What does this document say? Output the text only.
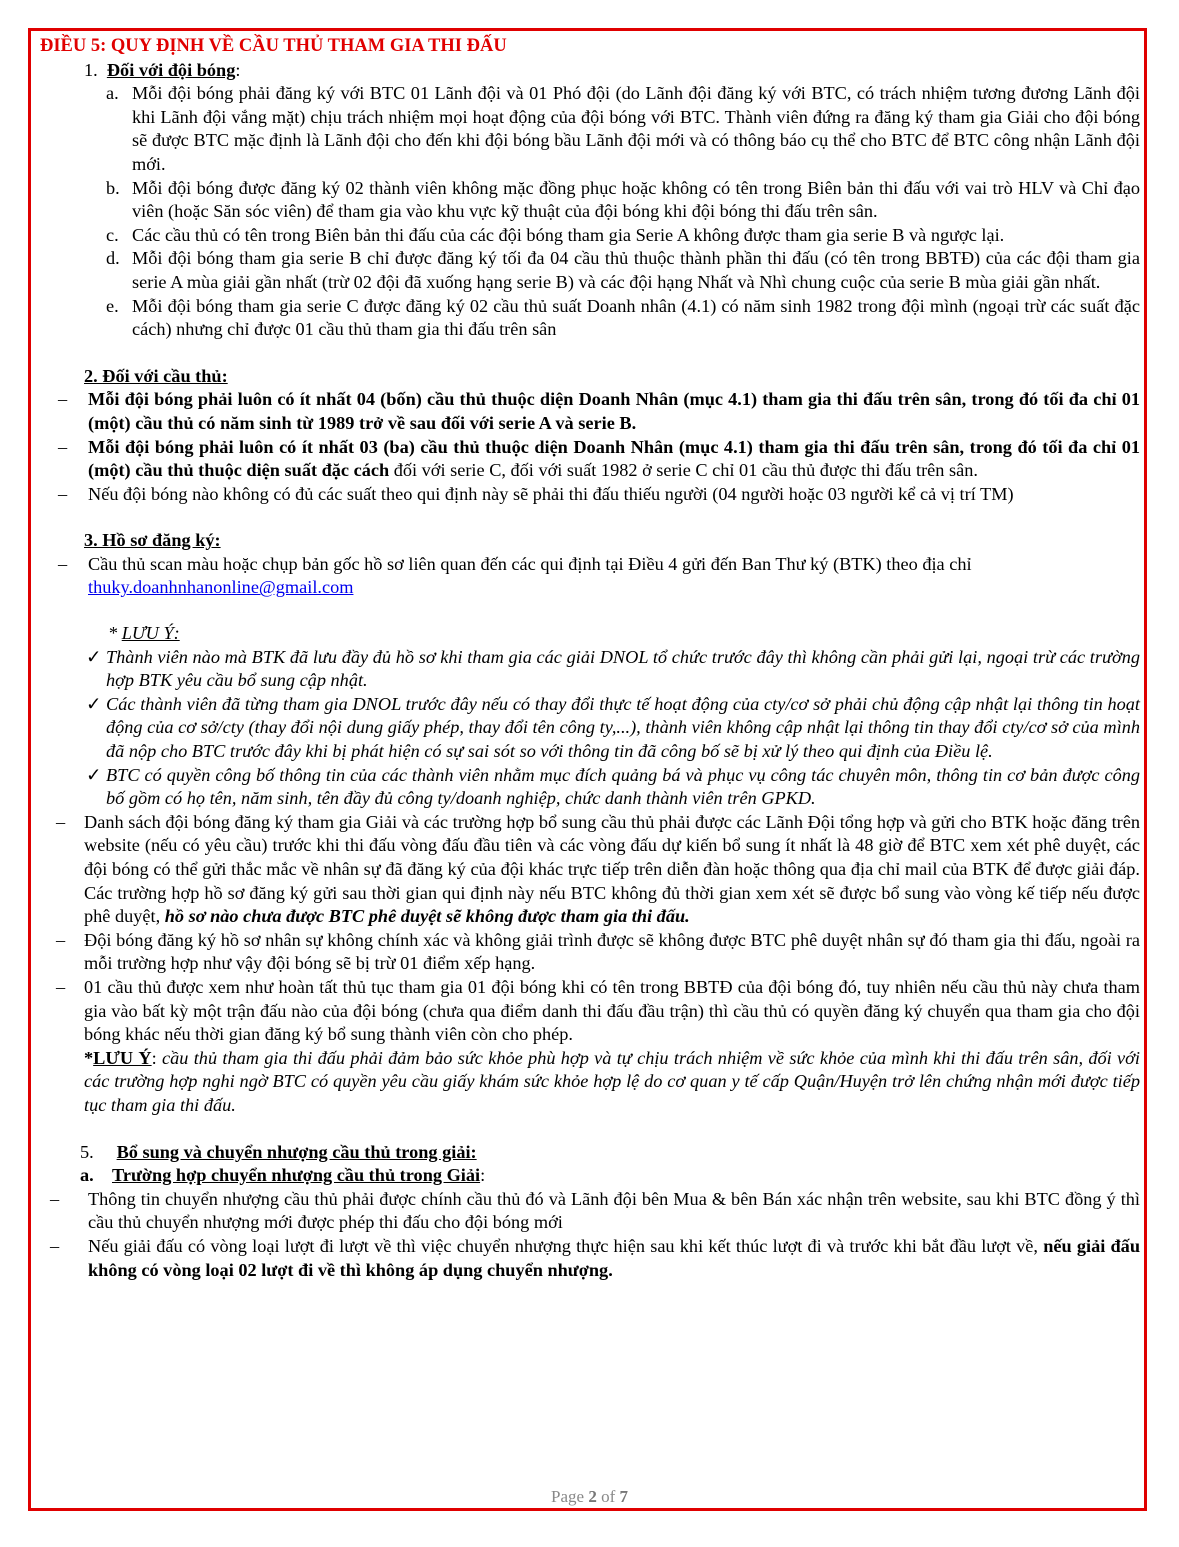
ĐIỀU 5: QUY ĐỊNH VỀ CẦU THỦ THAM GIA THI ĐẤU
1. Đối với đội bóng:
a. Mỗi đội bóng phải đăng ký với BTC 01 Lãnh đội và 01 Phó đội (do Lãnh đội đăng ký với BTC, có trách nhiệm tương đương Lãnh đội khi Lãnh đội vắng mặt) chịu trách nhiệm mọi hoạt động của đội bóng với BTC. Thành viên đứng ra đăng ký tham gia Giải cho đội bóng sẽ được BTC mặc định là Lãnh đội cho đến khi đội bóng bầu Lãnh đội mới và có thông báo cụ thể cho BTC để BTC công nhận Lãnh đội mới.
b. Mỗi đội bóng được đăng ký 02 thành viên không mặc đồng phục hoặc không có tên trong Biên bản thi đấu với vai trò HLV và Chỉ đạo viên (hoặc Săn sóc viên) để tham gia vào khu vực kỹ thuật của đội bóng khi đội bóng thi đấu trên sân.
c. Các cầu thủ có tên trong Biên bản thi đấu của các đội bóng tham gia Serie A không được tham gia serie B và ngược lại.
d. Mỗi đội bóng tham gia serie B chỉ được đăng ký tối đa 04 cầu thủ thuộc thành phần thi đấu (có tên trong BBTĐ) của các đội tham gia serie A mùa giải gần nhất (trừ 02 đội đã xuống hạng serie B) và các đội hạng Nhất và Nhì chung cuộc của serie B mùa giải gần nhất.
e. Mỗi đội bóng tham gia serie C được đăng ký 02 cầu thủ suất Doanh nhân (4.1) có năm sinh 1982 trong đội mình (ngoại trừ các suất đặc cách) nhưng chỉ được 01 cầu thủ tham gia thi đấu trên sân
2. Đối với cầu thủ:
– Mỗi đội bóng phải luôn có ít nhất 04 (bốn) cầu thủ thuộc diện Doanh Nhân (mục 4.1) tham gia thi đấu trên sân, trong đó tối đa chỉ 01 (một) cầu thủ có năm sinh từ 1989 trở về sau đối với serie A và serie B.
– Mỗi đội bóng phải luôn có ít nhất 03 (ba) cầu thủ thuộc diện Doanh Nhân (mục 4.1) tham gia thi đấu trên sân, trong đó tối đa chỉ 01 (một) cầu thủ thuộc diện suất đặc cách đối với serie C, đối với suất 1982 ở serie C chỉ 01 cầu thủ được thi đấu trên sân.
– Nếu đội bóng nào không có đủ các suất theo qui định này sẽ phải thi đấu thiếu người (04 người hoặc 03 người kể cả vị trí TM)
3. Hồ sơ đăng ký:
– Cầu thủ scan màu hoặc chụp bản gốc hồ sơ liên quan đến các qui định tại Điều 4 gửi đến Ban Thư ký (BTK) theo địa chỉ
thuky.doanhnhanonline@gmail.com
* LƯU Ý:
✓ Thành viên nào mà BTK đã lưu đầy đủ hồ sơ khi tham gia các giải DNOL tổ chức trước đây thì không cần phải gửi lại, ngoại trừ các trường hợp BTK yêu cầu bổ sung cập nhật.
✓ Các thành viên đã từng tham gia DNOL trước đây nếu có thay đổi thực tế hoạt động của cty/cơ sở phải chủ động cập nhật lại thông tin hoạt động của cơ sở/cty (thay đổi nội dung giấy phép, thay đổi tên công ty,...), thành viên không cập nhật lại thông tin thay đổi cty/cơ sở của mình đã nộp cho BTC trước đây khi bị phát hiện có sự sai sót so với thông tin đã công bố sẽ bị xử lý theo qui định của Điều lệ.
✓ BTC có quyền công bố thông tin của các thành viên nhằm mục đích quảng bá và phục vụ công tác chuyên môn, thông tin cơ bản được công bố gồm có họ tên, năm sinh, tên đầy đủ công ty/doanh nghiệp, chức danh thành viên trên GPKD.
– Danh sách đội bóng đăng ký tham gia Giải và các trường hợp bổ sung cầu thủ phải được các Lãnh Đội tổng hợp và gửi cho BTK hoặc đăng trên website (nếu có yêu cầu) trước khi thi đấu vòng đấu đầu tiên và các vòng đấu dự kiến bổ sung ít nhất là 48 giờ để BTC xem xét phê duyệt, các đội bóng có thể gửi thắc mắc về nhân sự đã đăng ký của đội khác trực tiếp trên diễn đàn hoặc thông qua địa chỉ mail của BTK để được giải đáp. Các trường hợp hồ sơ đăng ký gửi sau thời gian qui định này nếu BTC không đủ thời gian xem xét sẽ được bổ sung vào vòng kế tiếp nếu được phê duyệt, hồ sơ nào chưa được BTC phê duyệt sẽ không được tham gia thi đấu.
– Đội bóng đăng ký hồ sơ nhân sự không chính xác và không giải trình được sẽ không được BTC phê duyệt nhân sự đó tham gia thi đấu, ngoài ra mỗi trường hợp như vậy đội bóng sẽ bị trừ 01 điểm xếp hạng.
– 01 cầu thủ được xem như hoàn tất thủ tục tham gia 01 đội bóng khi có tên trong BBTĐ của đội bóng đó, tuy nhiên nếu cầu thủ này chưa tham gia vào bất kỳ một trận đấu nào của đội bóng (chưa qua điểm danh thi đấu đầu trận) thì cầu thủ có quyền đăng ký chuyển qua tham gia cho đội bóng khác nếu thời gian đăng ký bổ sung thành viên còn cho phép.
*LƯU Ý: cầu thủ tham gia thi đấu phải đảm bảo sức khỏe phù hợp và tự chịu trách nhiệm về sức khỏe của mình khi thi đấu trên sân, đối với các trường hợp nghi ngờ BTC có quyền yêu cầu giấy khám sức khỏe hợp lệ do cơ quan y tế cấp Quận/Huyện trở lên chứng nhận mới được tiếp tục tham gia thi đấu.
5. Bổ sung và chuyển nhượng cầu thủ trong giải:
a. Trường hợp chuyển nhượng cầu thủ trong Giải:
– Thông tin chuyển nhượng cầu thủ phải được chính cầu thủ đó và Lãnh đội bên Mua & bên Bán xác nhận trên website, sau khi BTC đồng ý thì cầu thủ chuyển nhượng mới được phép thi đấu cho đội bóng mới
– Nếu giải đấu có vòng loại lượt đi lượt về thì việc chuyển nhượng thực hiện sau khi kết thúc lượt đi và trước khi bắt đầu lượt về, nếu giải đấu không có vòng loại 02 lượt đi về thì không áp dụng chuyển nhượng.
Page 2 of 7
